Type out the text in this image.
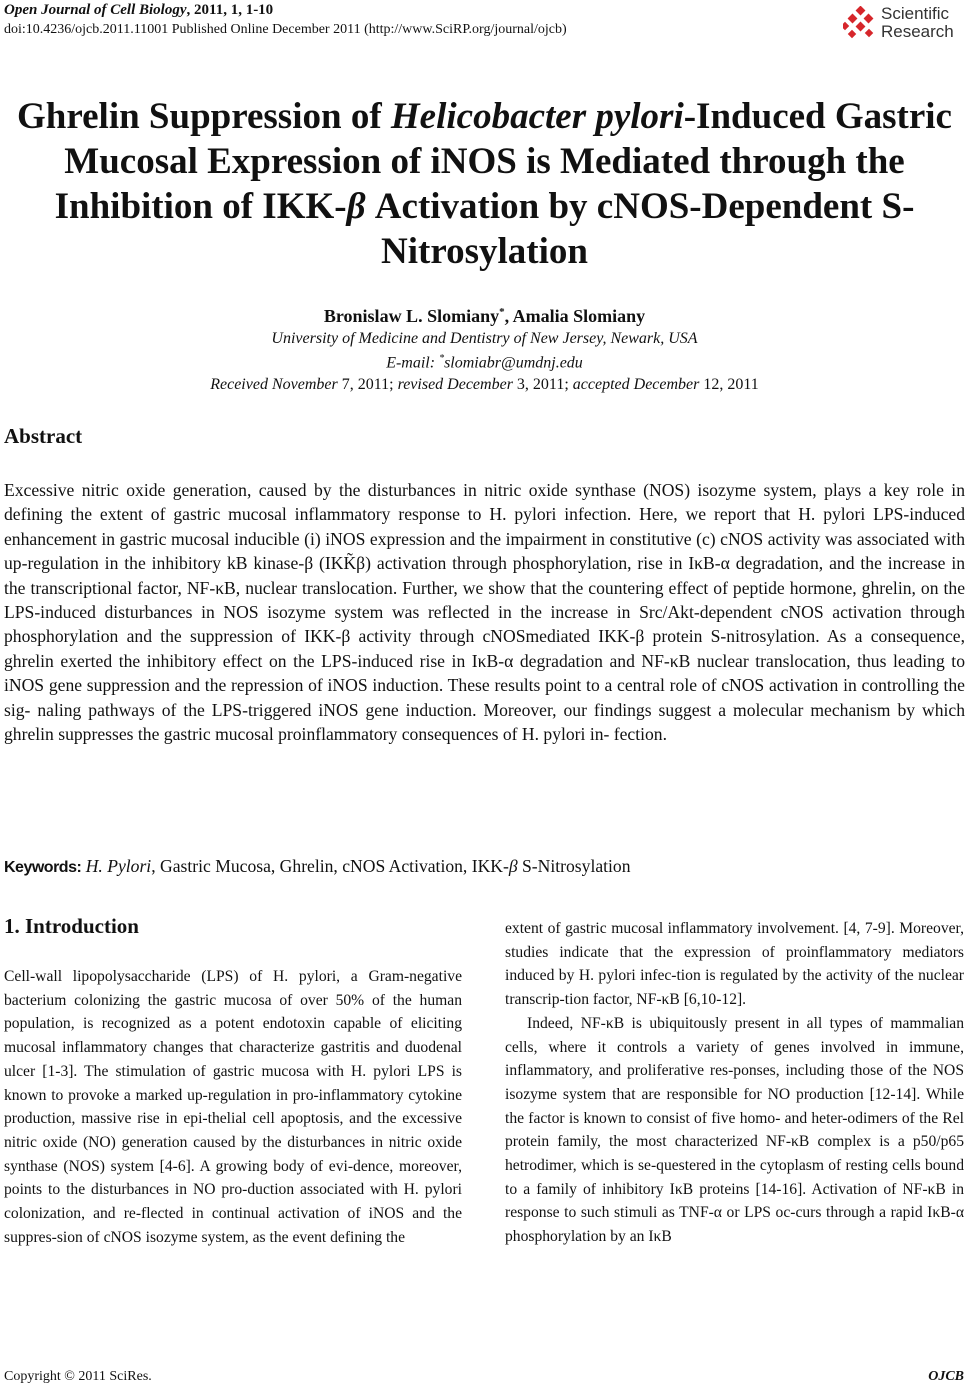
Open Journal of Cell Biology, 2011, 1, 1-10
doi:10.4236/ojcb.2011.11001 Published Online December 2011 (http://www.SciRP.org/journal/ojcb)
Scientific
Research
Ghrelin Suppression of Helicobacter pylori-Induced Gastric Mucosal Expression of iNOS is Mediated through the Inhibition of IKK-β Activation by cNOS-Dependent S-Nitrosylation
Bronislaw L. Slomiany*, Amalia Slomiany
University of Medicine and Dentistry of New Jersey, Newark, USA
E-mail: *slomiabr@umdnj.edu
Received November 7, 2011; revised December 3, 2011; accepted December 12, 2011
Abstract
Excessive nitric oxide generation, caused by the disturbances in nitric oxide synthase (NOS) isozyme system, plays a key role in defining the extent of gastric mucosal inflammatory response to H. pylori infection. Here, we report that H. pylori LPS-induced enhancement in gastric mucosal inducible (i) iNOS expression and the impairment in constitutive (c) cNOS activity was associated with up-regulation in the inhibitory kB kinase-β (IKK̃β) activation through phosphorylation, rise in IκB-α degradation, and the increase in the transcriptional factor, NF-κB, nuclear translocation. Further, we show that the countering effect of peptide hormone, ghrelin, on the LPS-induced disturbances in NOS isozyme system was reflected in the increase in Src/Akt-dependent cNOS activation through phosphorylation and the suppression of IKK-β activity through cNOSmediated IKK-β protein S-nitrosylation. As a consequence, ghrelin exerted the inhibitory effect on the LPS-induced rise in IκB-α degradation and NF-κB nuclear translocation, thus leading to iNOS gene suppression and the repression of iNOS induction. These results point to a central role of cNOS activation in controlling the sig- naling pathways of the LPS-triggered iNOS gene induction. Moreover, our findings suggest a molecular mechanism by which ghrelin suppresses the gastric mucosal proinflammatory consequences of H. pylori in- fection.
Keywords: H. Pylori, Gastric Mucosa, Ghrelin, cNOS Activation, IKK-β S-Nitrosylation
1. Introduction

Cell-wall lipopolysaccharide (LPS) of H. pylori, a Gram-negative bacterium colonizing the gastric mucosa of over 50% of the human population, is recognized as a potent endotoxin capable of eliciting mucosal inflammatory changes that characterize gastritis and duodenal ulcer [1-3]. The stimulation of gastric mucosa with H. pylori LPS is known to provoke a marked up-regulation in pro-inflammatory cytokine production, massive rise in epi-thelial cell apoptosis, and the excessive nitric oxide (NO) generation caused by the disturbances in nitric oxide synthase (NOS) system [4-6]. A growing body of evi-dence, moreover, points to the disturbances in NO pro-duction associated with H. pylori colonization, and re-flected in continual activation of iNOS and the suppres-sion of cNOS isozyme system, as the event defining the

extent of gastric mucosal inflammatory involvement. [4, 7-9]. Moreover, studies indicate that the expression of proinflammatory mediators induced by H. pylori infec-tion is regulated by the activity of the nuclear transcrip-tion factor, NF-κB [6,10-12].

Indeed, NF-κB is ubiquitously present in all types of mammalian cells, where it controls a variety of genes involved in immune, inflammatory, and proliferative res-ponses, including those of the NOS isozyme system that are responsible for NO production [12-14]. While the factor is known to consist of five homo- and heter-odimers of the Rel protein family, the most characterized NF-κB complex is a p50/p65 hetrodimer, which is se-questered in the cytoplasm of resting cells bound to a family of inhibitory IκB proteins [14-16]. Activation of NF-κB in response to such stimuli as TNF-α or LPS oc-curs through a rapid IκB-α phosphorylation by an IκB

Copyright © 2011 SciRes.	OJCB
